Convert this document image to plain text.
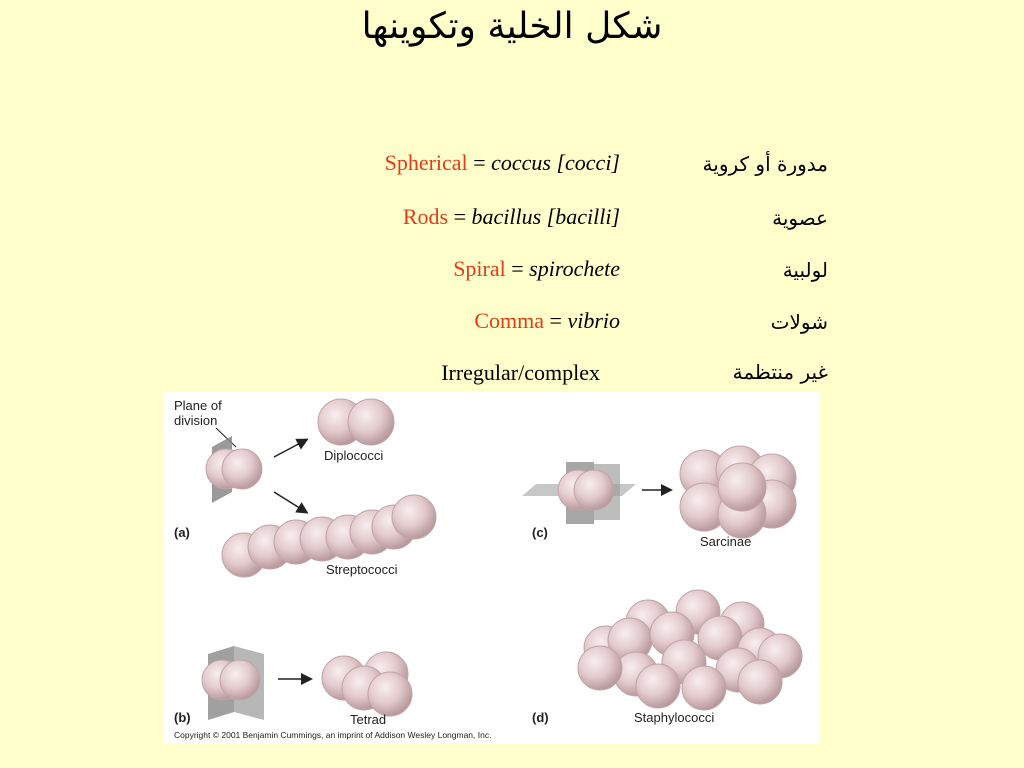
شكل الخلية وتكوينها
Spherical = coccus [cocci]	مدورة أو كروية
Rods = bacillus [bacilli]	عصوية
Spiral = spirochete	لولبية
Comma = vibrio	شولات
Irregular/complex	غير منتظمة
Plane of
division
Diplococci
(a)
Streptococci
(c)
Sarcinae
(b)	Tetrad	(d)	Staphylococci
Copyright © 2001 Benjamin Cummings, an imprint of Addison Wesley Longman, Inc.
